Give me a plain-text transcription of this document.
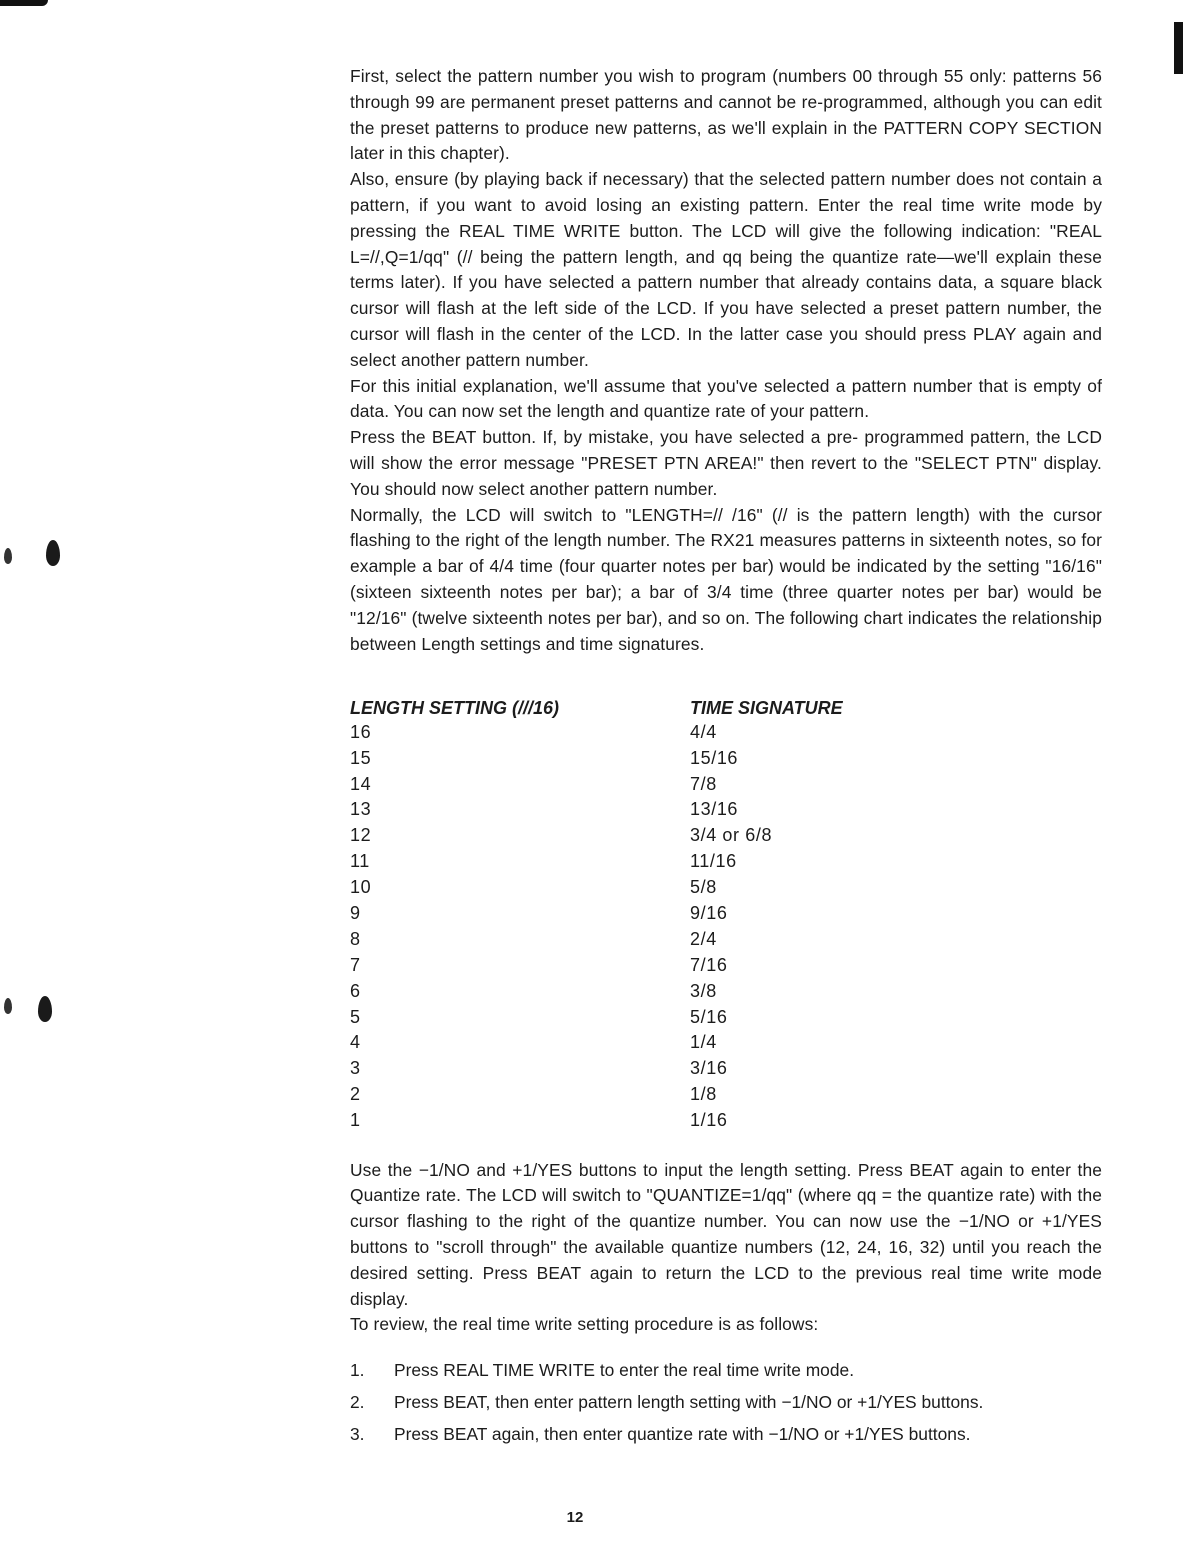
First, select the pattern number you wish to program (numbers 00 through 55 only: patterns 56 through 99 are permanent preset patterns and cannot be re-programmed, although you can edit the preset patterns to produce new patterns, as we'll explain in the PATTERN COPY SECTION later in this chapter).

Also, ensure (by playing back if necessary) that the selected pattern number does not contain a pattern, if you want to avoid losing an existing pattern. Enter the real time write mode by pressing the REAL TIME WRITE button. The LCD will give the following indication: "REAL L=//,Q=1/qq" (// being the pattern length, and qq being the quantize rate—we'll explain these terms later). If you have selected a pattern number that already contains data, a square black cursor will flash at the left side of the LCD. If you have selected a preset pattern number, the cursor will flash in the center of the LCD. In the latter case you should press PLAY again and select another pattern number.

For this initial explanation, we'll assume that you've selected a pattern number that is empty of data. You can now set the length and quantize rate of your pattern.

Press the BEAT button. If, by mistake, you have selected a pre- programmed pattern, the LCD will show the error message "PRESET PTN AREA!" then revert to the "SELECT PTN" display. You should now select another pattern number.

Normally, the LCD will switch to "LENGTH=// /16" (// is the pattern length) with the cursor flashing to the right of the length number. The RX21 measures patterns in sixteenth notes, so for example a bar of 4/4 time (four quarter notes per bar) would be indicated by the setting "16/16" (sixteen sixteenth notes per bar); a bar of 3/4 time (three quarter notes per bar) would be "12/16" (twelve sixteenth notes per bar), and so on. The following chart indicates the relationship between Length settings and time signatures.

LENGTH SETTING (///16)	TIME SIGNATURE
16	4/4
15	15/16
14	7/8
13	13/16
12	3/4 or 6/8
11	11/16
10	5/8
9	9/16
8	2/4
7	7/16
6	3/8
5	5/16
4	1/4
3	3/16
2	1/8
1	1/16

Use the −1/NO and +1/YES buttons to input the length setting. Press BEAT again to enter the Quantize rate. The LCD will switch to "QUANTIZE=1/qq" (where qq = the quantize rate) with the cursor flashing to the right of the quantize number. You can now use the −1/NO or +1/YES buttons to "scroll through" the available quantize numbers (12, 24, 16, 32) until you reach the desired setting. Press BEAT again to return the LCD to the previous real time write mode display.

To review, the real time write setting procedure is as follows:

1.	Press REAL TIME WRITE to enter the real time write mode.
2.	Press BEAT, then enter pattern length setting with −1/NO or +1/YES buttons.
3.	Press BEAT again, then enter quantize rate with −1/NO or +1/YES buttons.
12
